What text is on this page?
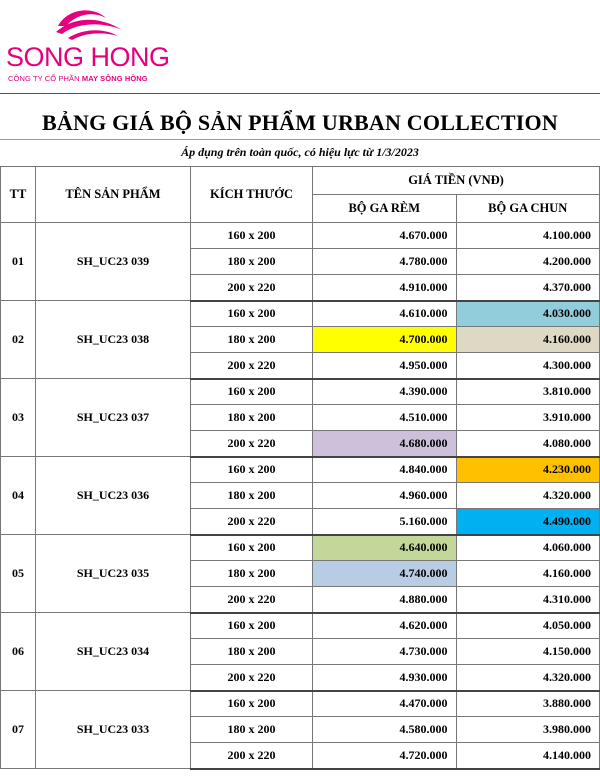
SONG HONG
CÔNG TY CỔ PHẦN MAY SÔNG HỒNG
BẢNG GIÁ BỘ SẢN PHẨM URBAN COLLECTION
Áp dụng trên toàn quốc, có hiệu lực từ 1/3/2023
TT	TÊN SẢN PHẨM	KÍCH THƯỚC	GIÁ TIỀN (VNĐ)	
			BỘ GA RÈM	BỘ GA CHUN
01	SH_UC23 039	160 x 200	4.670.000	4.100.000
		180 x 200	4.780.000	4.200.000
		200 x 220	4.910.000	4.370.000
02	SH_UC23 038	160 x 200	4.610.000	4.030.000
		180 x 200	4.700.000	4.160.000
		200 x 220	4.950.000	4.300.000
03	SH_UC23 037	160 x 200	4.390.000	3.810.000
		180 x 200	4.510.000	3.910.000
		200 x 220	4.680.000	4.080.000
04	SH_UC23 036	160 x 200	4.840.000	4.230.000
		180 x 200	4.960.000	4.320.000
		200 x 220	5.160.000	4.490.000
05	SH_UC23 035	160 x 200	4.640.000	4.060.000
		180 x 200	4.740.000	4.160.000
		200 x 220	4.880.000	4.310.000
06	SH_UC23 034	160 x 200	4.620.000	4.050.000
		180 x 200	4.730.000	4.150.000
		200 x 220	4.930.000	4.320.000
07	SH_UC23 033	160 x 200	4.470.000	3.880.000
		180 x 200	4.580.000	3.980.000
		200 x 220	4.720.000	4.140.000
